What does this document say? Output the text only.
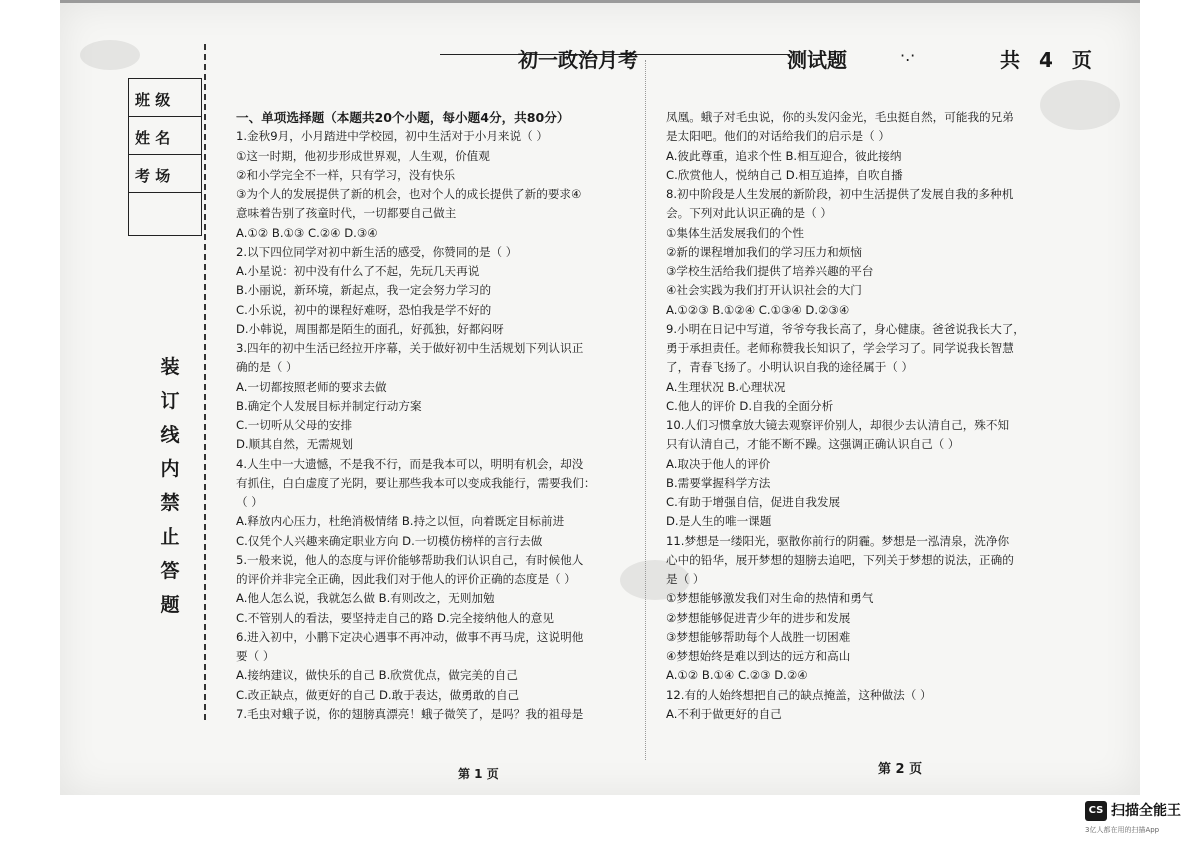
初一政治月考	测试题	·.·	共 4 页
班 级
姓 名
考 场
装订线内禁止答题
一、单项选择题（本题共20个小题，每小题4分，共80分）
1.金秋9月，小月踏进中学校园，初中生活对于小月来说（ ）
①这一时期，他初步形成世界观，人生观，价值观
②和小学完全不一样，只有学习，没有快乐
③为个人的发展提供了新的机会，也对个人的成长提供了新的要求④
意味着告别了孩童时代，一切都要自己做主
A.①② B.①③ C.②④ D.③④
2.以下四位同学对初中新生活的感受，你赞同的是（ ）
A.小星说：初中没有什么了不起，先玩几天再说
B.小丽说，新环境，新起点，我一定会努力学习的
C.小乐说，初中的课程好难呀，恐怕我是学不好的
D.小韩说，周围都是陌生的面孔，好孤独，好都闷呀
3.四年的初中生活已经拉开序幕，关于做好初中生活规划下列认识正
确的是（ ）
A.一切都按照老师的要求去做
B.确定个人发展目标并制定行动方案
C.一切听从父母的安排
D.顺其自然，无需规划
4.人生中一大遗憾，不是我不行，而是我本可以，明明有机会，却没
有抓住，白白虚度了光阴，要让那些我本可以变成我能行，需要我们：
（ ）
A.释放内心压力，杜绝消极情绪 B.持之以恒，向着既定目标前进
C.仅凭个人兴趣来确定职业方向 D.一切模仿榜样的言行去做
5.一般来说，他人的态度与评价能够帮助我们认识自己，有时候他人
的评价并非完全正确，因此我们对于他人的评价正确的态度是（ ）
A.他人怎么说，我就怎么做 B.有则改之，无则加勉
C.不管别人的看法，要坚持走自己的路 D.完全接纳他人的意见
6.进入初中，小鹏下定决心遇事不再冲动，做事不再马虎，这说明他
要（ ）
A.接纳建议，做快乐的自己 B.欣赏优点，做完美的自己
C.改正缺点，做更好的自己 D.敢于表达，做勇敢的自己
7.毛虫对蛾子说，你的翅膀真漂亮！蛾子微笑了，是吗？我的祖母是
凤凰。蛾子对毛虫说，你的头发闪金光，毛虫挺自然，可能我的兄弟
是太阳吧。他们的对话给我们的启示是（ ）
A.彼此尊重，追求个性 B.相互迎合，彼此接纳
C.欣赏他人，悦纳自己 D.相互追捧，自吹自播
8.初中阶段是人生发展的新阶段，初中生活提供了发展自我的多种机
会。下列对此认识正确的是（ ）
①集体生活发展我们的个性
②新的课程增加我们的学习压力和烦恼
③学校生活给我们提供了培养兴趣的平台
④社会实践为我们打开认识社会的大门
A.①②③ B.①②④ C.①③④ D.②③④
9.小明在日记中写道，爷爷夸我长高了，身心健康。爸爸说我长大了，
勇于承担责任。老师称赞我长知识了，学会学习了。同学说我长智慧
了，青春飞扬了。小明认识自我的途径属于（ ）
A.生理状况 B.心理状况
C.他人的评价 D.自我的全面分析
10.人们习惯拿放大镜去观察评价别人，却很少去认清自己，殊不知
只有认清自己，才能不断不躁。这强调正确认识自己（ ）
A.取决于他人的评价
B.需要掌握科学方法
C.有助于增强自信，促进自我发展
D.是人生的唯一课题
11.梦想是一缕阳光，驱散你前行的阴霾。梦想是一泓清泉，洗净你
心中的铅华，展开梦想的翅膀去追吧，下列关于梦想的说法，正确的
是（ ）
①梦想能够激发我们对生命的热情和勇气
②梦想能够促进青少年的进步和发展
③梦想能够帮助每个人战胜一切困难
④梦想始终是难以到达的远方和高山
A.①② B.①④ C.②③ D.②④
12.有的人始终想把自己的缺点掩盖，这种做法（ ）
A.不利于做更好的自己
第 1 页	第 2 页
CS 扫描全能王
3亿人都在用的扫描App
